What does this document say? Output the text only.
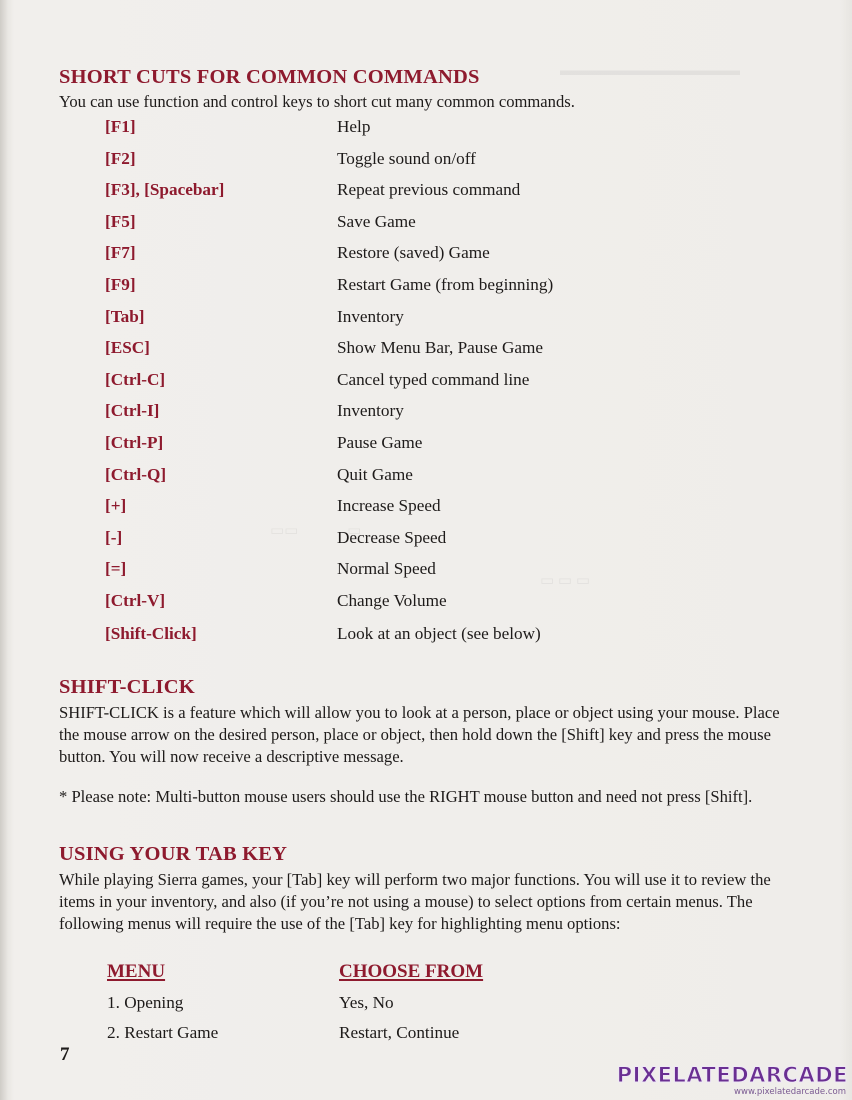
▬▬▬▬▬▬▬▬▬▬▬▬
▭▭             ▭
▭ ▭ ▭
SHORT CUTS FOR COMMON COMMANDS

You can use function and control keys to short cut many common commands.

[F1]	Help
[F2]	Toggle sound on/off
[F3], [Spacebar]	Repeat previous command
[F5]	Save Game
[F7]	Restore (saved) Game
[F9]	Restart Game (from beginning)
[Tab]	Inventory
[ESC]	Show Menu Bar, Pause Game
[Ctrl-C]	Cancel typed command line
[Ctrl-I]	Inventory
[Ctrl-P]	Pause Game
[Ctrl-Q]	Quit Game
[+]	Increase Speed
[-]	Decrease Speed
[=]	Normal Speed
[Ctrl-V]	Change Volume
[Shift-Click]	Look at an object (see below)
SHIFT-CLICK

SHIFT-CLICK is a feature which will allow you to look at a person, place or object using your mouse. Place the mouse arrow on the desired person, place or object, then hold down the [Shift] key and press the mouse button. You will now receive a descriptive message.

* Please note: Multi-button mouse users should use the RIGHT mouse button and need not press [Shift].

USING YOUR TAB KEY

While playing Sierra games, your [Tab] key will perform two major functions. You will use it to review the items in your inventory, and also (if you’re not using a mouse) to select options from certain menus. The following menus will require the use of the [Tab] key for highlighting menu options:

MENU	CHOOSE FROM
1. Opening	Yes, No
2. Restart Game	Restart, Continue
7
PIXELATEDARCADE
www.pixelatedarcade.com
